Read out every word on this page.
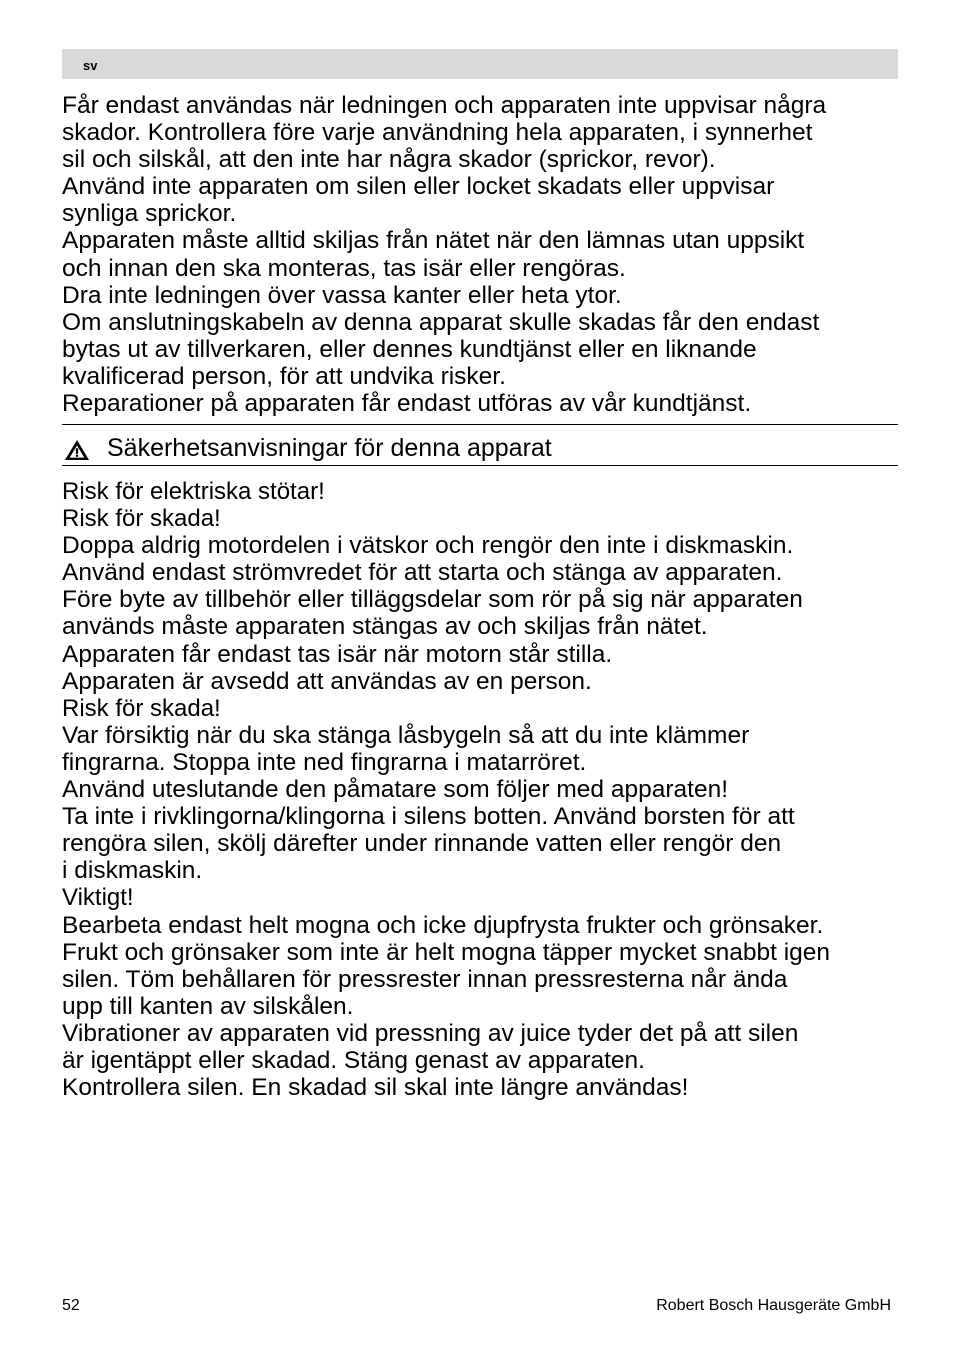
sv

Får endast användas när ledningen och apparaten inte uppvisar några

skador. Kontrollera före varje användning hela apparaten, i synnerhet

sil och silskål, att den inte har några skador (sprickor, revor).

Använd inte apparaten om silen eller locket skadats eller uppvisar

synliga sprickor.

Apparaten måste alltid skiljas från nätet när den lämnas utan uppsikt

och innan den ska monteras, tas isär eller rengöras.

Dra inte ledningen över vassa kanter eller heta ytor.

Om anslutningskabeln av denna apparat skulle skadas får den endast

bytas ut av tillverkaren, eller dennes kundtjänst eller en liknande

kvalificerad person, för att undvika risker.

Reparationer på apparaten får endast utföras av vår kundtjänst.

Säkerhetsanvisningar för denna apparat

Risk för elektriska stötar!

Risk för skada!

Doppa aldrig motordelen i vätskor och rengör den inte i diskmaskin.

Använd endast strömvredet för att starta och stänga av apparaten.

Före byte av tillbehör eller tilläggsdelar som rör på sig när apparaten

används måste apparaten stängas av och skiljas från nätet.

Apparaten får endast tas isär när motorn står stilla.

Apparaten är avsedd att användas av en person.

Risk för skada!

Var försiktig när du ska stänga låsbygeln så att du inte klämmer

fingrarna. Stoppa inte ned fingrarna i matarröret.

Använd uteslutande den påmatare som följer med apparaten!

Ta inte i rivklingorna/klingorna i silens botten. Använd borsten för att

rengöra silen, skölj därefter under rinnande vatten eller rengör den

i diskmaskin.

Viktigt!

Bearbeta endast helt mogna och icke djupfrysta frukter och grönsaker.

Frukt och grönsaker som inte är helt mogna täpper mycket snabbt igen

silen. Töm behållaren för pressrester innan pressresterna når ända

upp till kanten av silskålen.

Vibrationer av apparaten vid pressning av juice tyder det på att silen

är igentäppt eller skadad. Stäng genast av apparaten.

Kontrollera silen. En skadad sil skal inte längre användas!

52	Robert Bosch Hausgeräte GmbH
